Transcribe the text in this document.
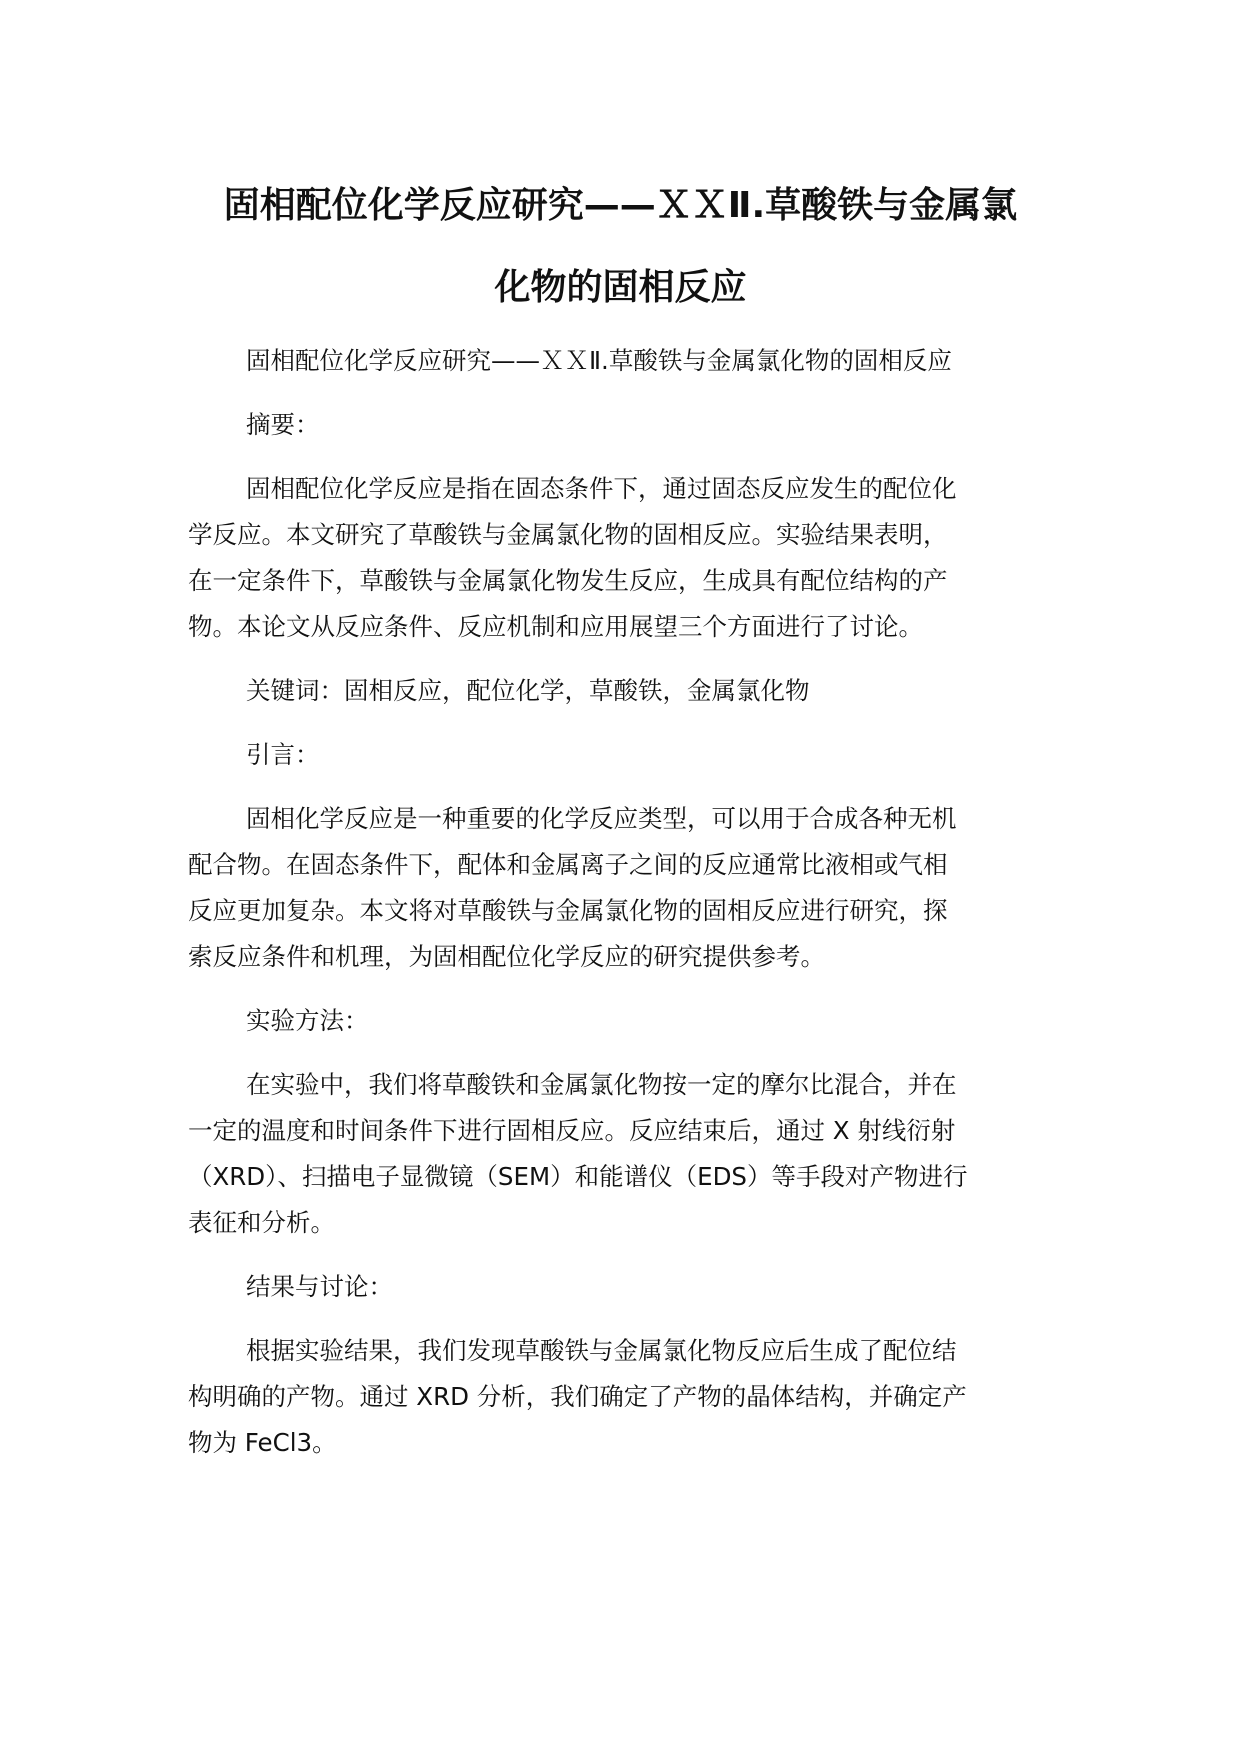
固相配位化学反应研究——ＸＸⅡ.草酸铁与金属氯
化物的固相反应
固相配位化学反应研究——ＸＸⅡ.草酸铁与金属氯化物的固相反应
摘要：
固相配位化学反应是指在固态条件下，通过固态反应发生的配位化
学反应。本文研究了草酸铁与金属氯化物的固相反应。实验结果表明，
在一定条件下，草酸铁与金属氯化物发生反应，生成具有配位结构的产
物。本论文从反应条件、反应机制和应用展望三个方面进行了讨论。
关键词：固相反应，配位化学，草酸铁，金属氯化物
引言：
固相化学反应是一种重要的化学反应类型，可以用于合成各种无机
配合物。在固态条件下，配体和金属离子之间的反应通常比液相或气相
反应更加复杂。本文将对草酸铁与金属氯化物的固相反应进行研究，探
索反应条件和机理，为固相配位化学反应的研究提供参考。
实验方法：
在实验中，我们将草酸铁和金属氯化物按一定的摩尔比混合，并在
一定的温度和时间条件下进行固相反应。反应结束后，通过 X 射线衍射
（XRD）、扫描电子显微镜（SEM）和能谱仪（EDS）等手段对产物进行
表征和分析。
结果与讨论：
根据实验结果，我们发现草酸铁与金属氯化物反应后生成了配位结
构明确的产物。通过 XRD 分析，我们确定了产物的晶体结构，并确定产
物为 FeCl3。
